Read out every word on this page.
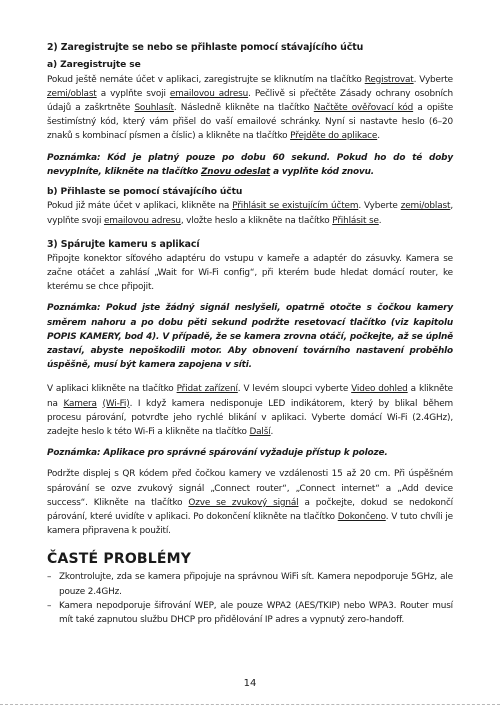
2) Zaregistrujte se nebo se přihlaste pomocí stávajícího účtu
a) Zaregistrujte se

Pokud ještě nemáte účet v aplikaci, zaregistrujte se kliknutím na tlačítko Registrovat. Vyberte zemi/oblast a vyplňte svoji emailovou adresu. Pečlivě si přečtěte Zásady ochrany osobních údajů a zaškrtněte Souhlasít. Následně klikněte na tlačítko Načtěte ověřovací kód a opište šestimístný kód, který vám přišel do vaší emailové schránky. Nyní si nastavte heslo (6–20 znaků s kombinací písmen a číslic) a klikněte na tlačítko Přejděte do aplikace.

Poznámka: Kód je platný pouze po dobu 60 sekund. Pokud ho do té doby nevyplníte, klikněte na tlačítko Znovu odeslat a vyplňte kód znovu.

b) Přihlaste se pomocí stávajícího účtu

Pokud již máte účet v aplikaci, klikněte na Přihlásit se existujícím účtem. Vyberte zemi/oblast, vyplňte svoji emailovou adresu, vložte heslo a klikněte na tlačítko Přihlásit se.

3) Spárujte kameru s aplikací

Připojte konektor síťového adaptéru do vstupu v kameře a adaptér do zásuvky. Kamera se začne otáčet a zahlásí „Wait for Wi-Fi config“, při kterém bude hledat domácí router, ke kterému se chce připojit.

Poznámka: Pokud jste žádný signál neslyšeli, opatrně otočte s čočkou kamery směrem nahoru a po dobu pěti sekund podržte resetovací tlačítko (viz kapitolu POPIS KAMERY, bod 4). V případě, že se kamera zrovna otáčí, počkejte, až se úplně zastaví, abyste nepoškodili motor. Aby obnovení továrního nastavení proběhlo úspěšně, musí být kamera zapojena v síti.

V aplikaci klikněte na tlačítko Přidat zařízení. V levém sloupci vyberte Video dohled a klikněte na Kamera (Wi-Fi). I když kamera nedisponuje LED indikátorem, který by blikal během procesu párování, potvrďte jeho rychlé blikání v aplikaci. Vyberte domácí Wi-Fi (2.4GHz), zadejte heslo k této Wi-Fi a klikněte na tlačítko Další.

Poznámka: Aplikace pro správné spárování vyžaduje přístup k poloze.

Podržte displej s QR kódem před čočkou kamery ve vzdálenosti 15 až 20 cm. Při úspěšném spárování se ozve zvukový signál „Connect router“, „Connect internet“ a „Add device success“. Klikněte na tlačítko Ozve se zvukový signál a počkejte, dokud se nedokončí párování, které uvidíte v aplikaci. Po dokončení klikněte na tlačítko Dokončeno. V tuto chvíli je kamera připravena k použití.

ČASTÉ PROBLÉMY
– Zkontrolujte, zda se kamera připojuje na správnou WiFi sít. Kamera nepodporuje 5GHz, ale pouze 2.4GHz.
– Kamera nepodporuje šifrování WEP, ale pouze WPA2 (AES/TKIP) nebo WPA3. Router musí mít také zapnutou službu DHCP pro přidělování IP adres a vypnutý zero-handoff.
14
